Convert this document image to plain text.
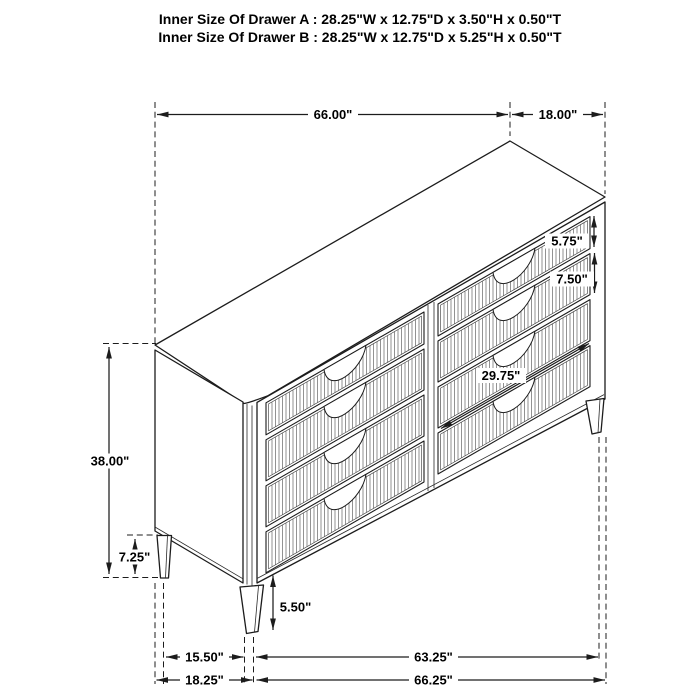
Inner Size Of Drawer A : 28.25"W x 12.75"D x 3.50"H x 0.50"T
Inner Size Of Drawer B : 28.25"W x 12.75"D x 5.25"H x 0.50"T
66.00"	18.00"
5.75"
7.50"
29.75"
38.00"
7.25"
5.50"
15.50"	63.25"
18.25"	66.25"
